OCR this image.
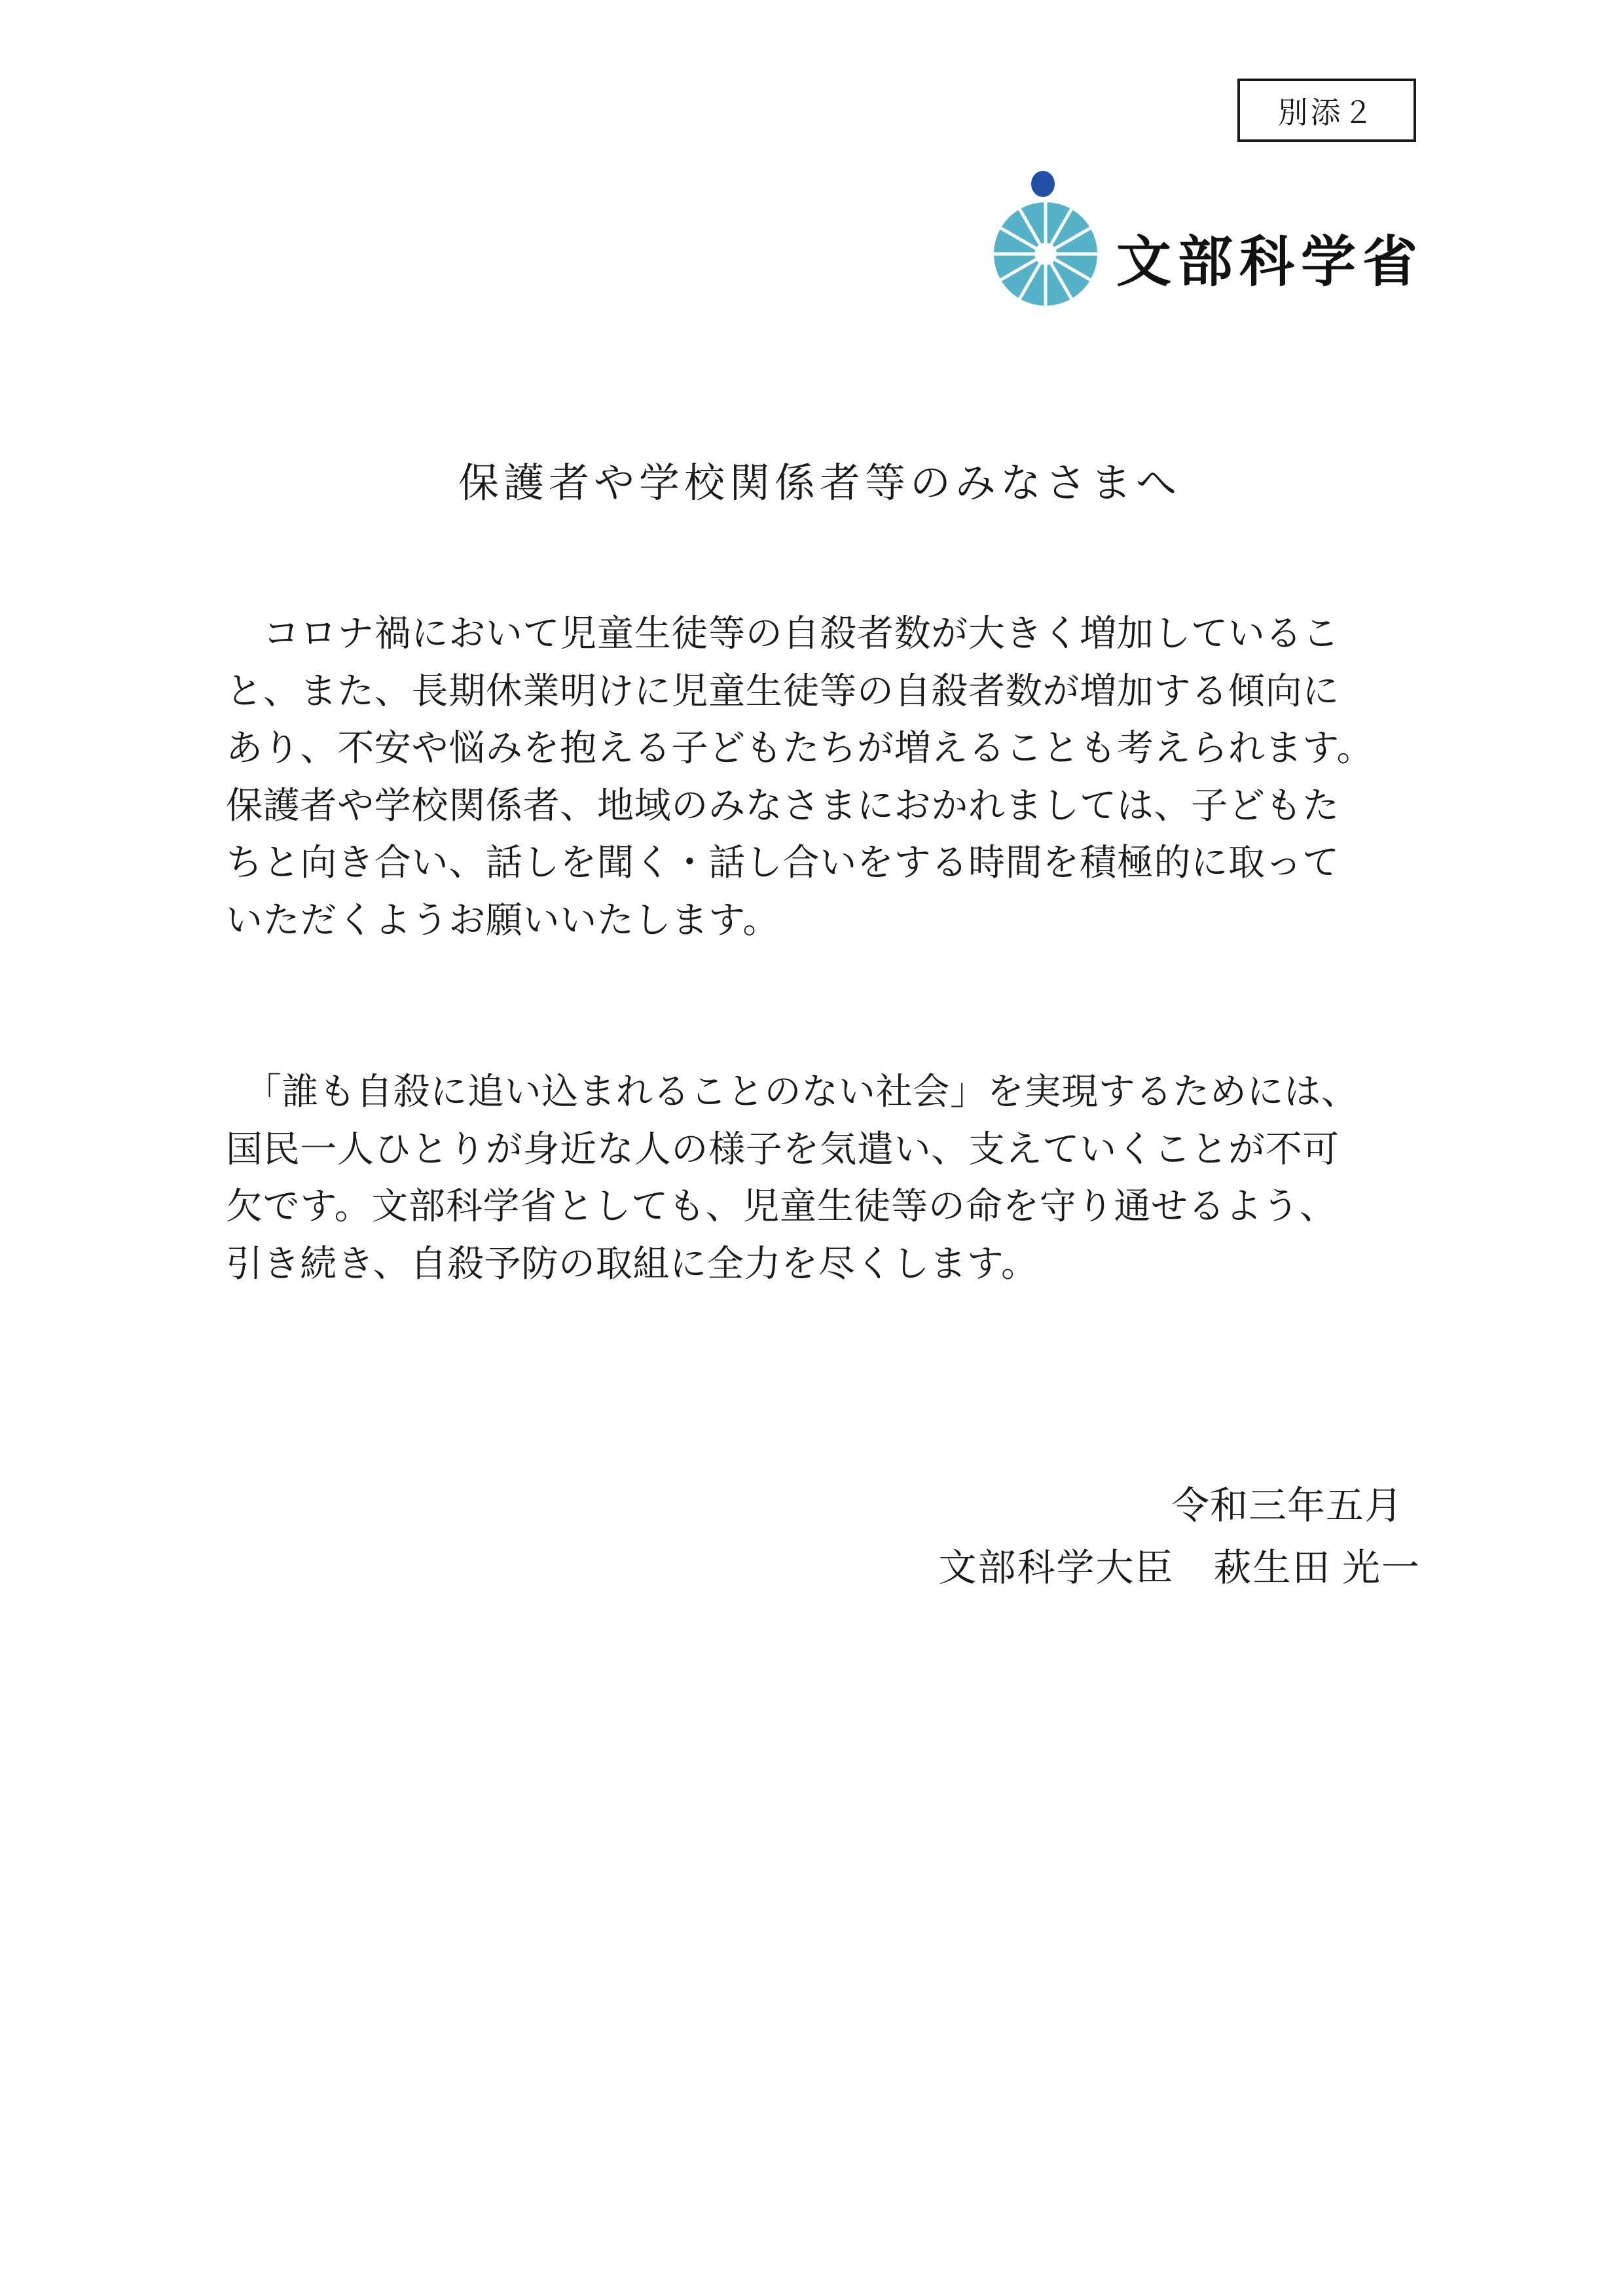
別添２
文部科学省
保護者や学校関係者等のみなさまへ
　コロナ禍において児童生徒等の自殺者数が大きく増加しているこ
と、また、長期休業明けに児童生徒等の自殺者数が増加する傾向に
あり、不安や悩みを抱える子どもたちが増えることも考えられます。
保護者や学校関係者、地域のみなさまにおかれましては、子どもた
ちと向き合い、話しを聞く・話し合いをする時間を積極的に取って
いただくようお願いいたします。
　「誰も自殺に追い込まれることのない社会」を実現するためには、
国民一人ひとりが身近な人の様子を気遣い、支えていくことが不可
欠です。文部科学省としても、児童生徒等の命を守り通せるよう、
引き続き、自殺予防の取組に全力を尽くします。
令和三年五月
文部科学大臣　萩生田 光一
